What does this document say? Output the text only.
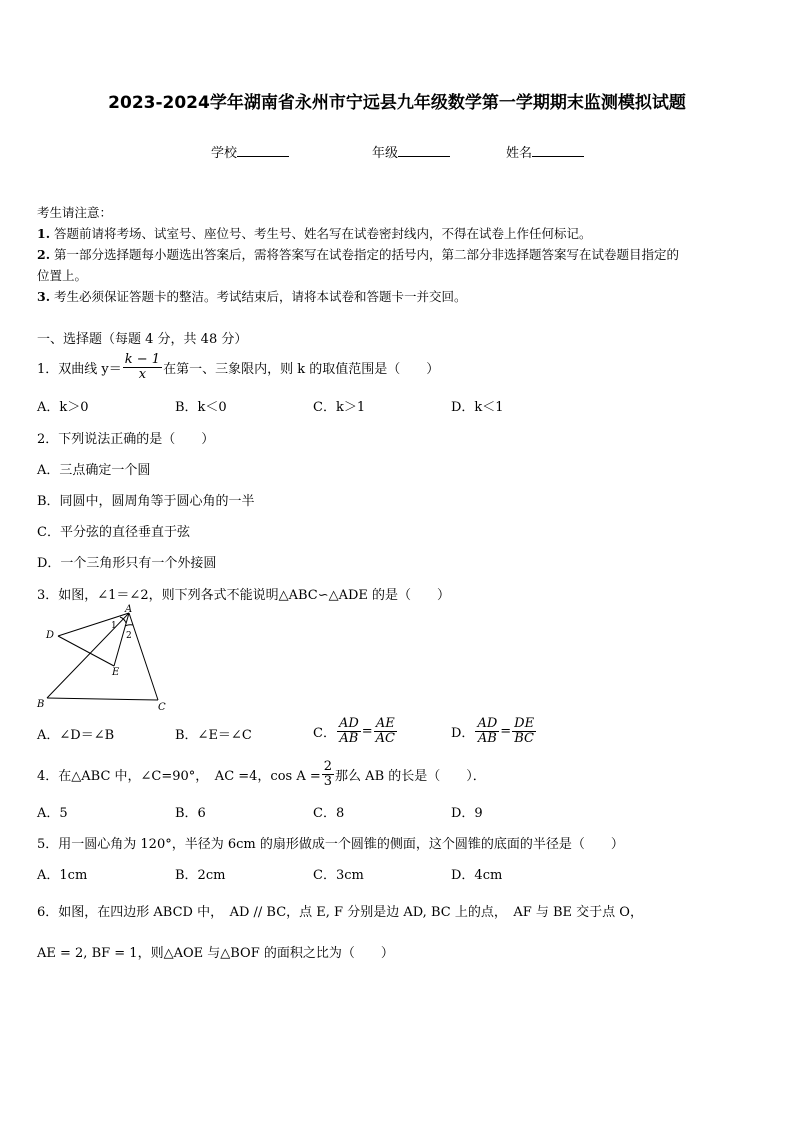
2023-2024学年湖南省永州市宁远县九年级数学第一学期期末监测模拟试题
学校	年级	姓名
考生请注意：
1. 答题前请将考场、试室号、座位号、考生号、姓名写在试卷密封线内，不得在试卷上作任何标记。
2. 第一部分选择题每小题选出答案后，需将答案写在试卷指定的括号内，第二部分非选择题答案写在试卷题目指定的
位置上。
3. 考生必须保证答题卡的整洁。考试结束后，请将本试卷和答题卡一并交回。
一、选择题（每题 4 分，共 48 分）
1．双曲线 $y= \frac{k - 1}{x}$ 在第一、三象限内，则 k 的取值范围是（　　）
A．k＞0	B．k＜0	C．k＞1	D．k＜1
2．下列说法正确的是（　　）
A．三点确定一个圆
B．同圆中，圆周角等于圆心角的一半
C．平分弦的直径垂直于弦
D．一个三角形只有一个外接圆
3．如图，∠1＝∠2，则下列各式不能说明△ABC∽△ADE 的是（　　）
A
B	C
D
E
1
2
A．∠D＝∠B	B．∠E＝∠C	C． $\frac{AD}{AB} = \frac{AE}{AC}$	D． $\frac{AD}{AB} = \frac{DE}{BC}$
4．在△ABC 中，∠C=90°，　AC =4，$\cos A = \frac{2}{3}$ 那么 AB 的长是（　　）．
A．5	B．6	C．8	D．9
5．用一圆心角为 120°，半径为 6cm 的扇形做成一个圆锥的侧面，这个圆锥的底面的半径是（　　）
A．1cm	B．2cm	C．3cm	D．4cm
6．如图，在四边形 ABCD 中，　AD // BC，点 E, F 分别是边 AD, BC 上的点，　AF 与 BE 交于点 O，
AE = 2, BF = 1，则△AOE 与△BOF 的面积之比为（　　）
